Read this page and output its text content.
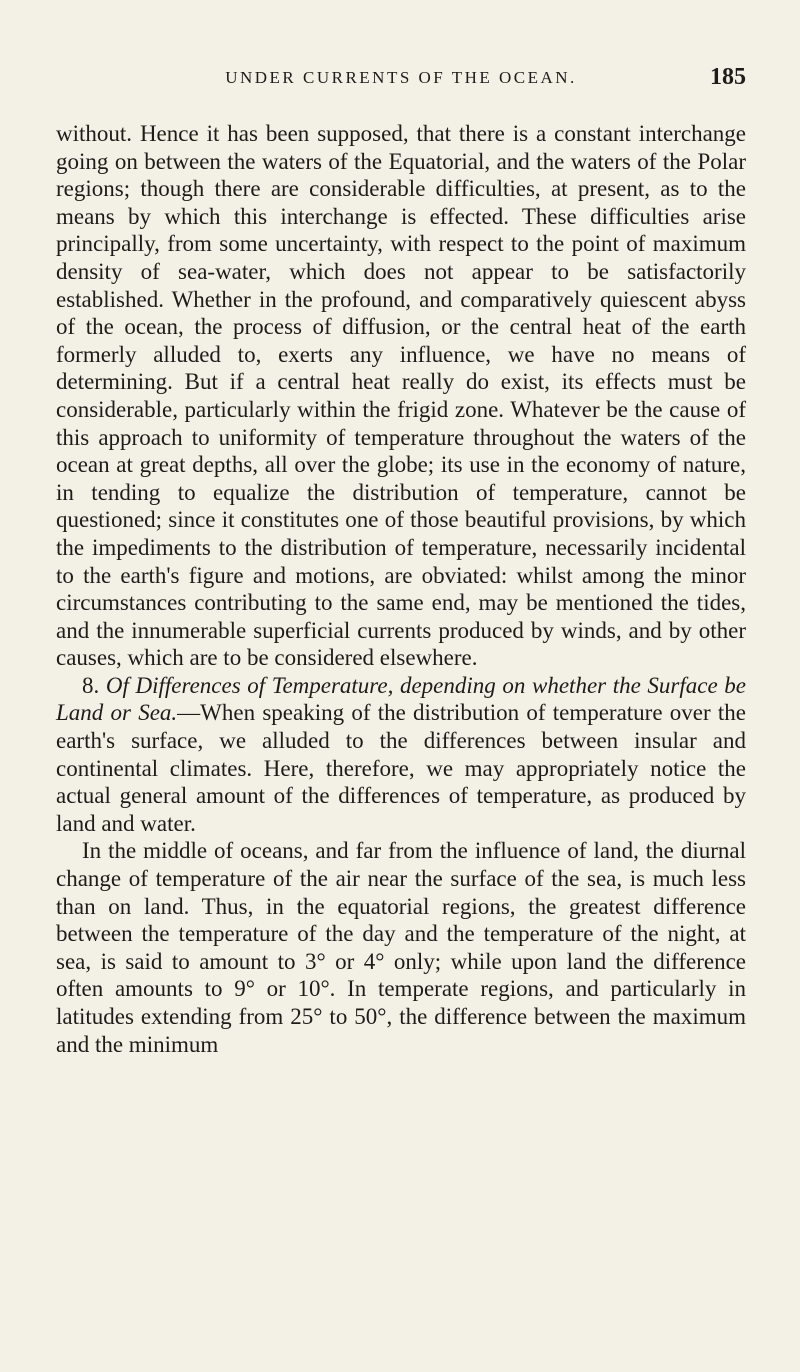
UNDER CURRENTS OF THE OCEAN.	185

without. Hence it has been supposed, that there is a constant interchange going on between the waters of the Equatorial, and the waters of the Polar regions; though there are considerable difficulties, at present, as to the means by which this interchange is effected. These difficulties arise principally, from some uncertainty, with respect to the point of maximum density of sea-water, which does not appear to be satisfactorily established. Whether in the profound, and comparatively quiescent abyss of the ocean, the process of diffusion, or the central heat of the earth formerly alluded to, exerts any influence, we have no means of determining. But if a central heat really do exist, its effects must be considerable, particularly within the frigid zone. Whatever be the cause of this approach to uniformity of temperature throughout the waters of the ocean at great depths, all over the globe; its use in the economy of nature, in tending to equalize the distribution of temperature, cannot be questioned; since it constitutes one of those beautiful provisions, by which the impediments to the distribution of temperature, necessarily incidental to the earth's figure and motions, are obviated: whilst among the minor circumstances contributing to the same end, may be mentioned the tides, and the innumerable superficial currents produced by winds, and by other causes, which are to be considered elsewhere.

8. Of Differences of Temperature, depending on whether the Surface be Land or Sea.—When speaking of the distribution of temperature over the earth's surface, we alluded to the differences between insular and continental climates. Here, therefore, we may appropriately notice the actual general amount of the differences of temperature, as produced by land and water.

In the middle of oceans, and far from the influence of land, the diurnal change of temperature of the air near the surface of the sea, is much less than on land. Thus, in the equatorial regions, the greatest difference between the temperature of the day and the temperature of the night, at sea, is said to amount to 3° or 4° only; while upon land the difference often amounts to 9° or 10°. In temperate regions, and particularly in latitudes extending from 25° to 50°, the difference between the maximum and the minimum
